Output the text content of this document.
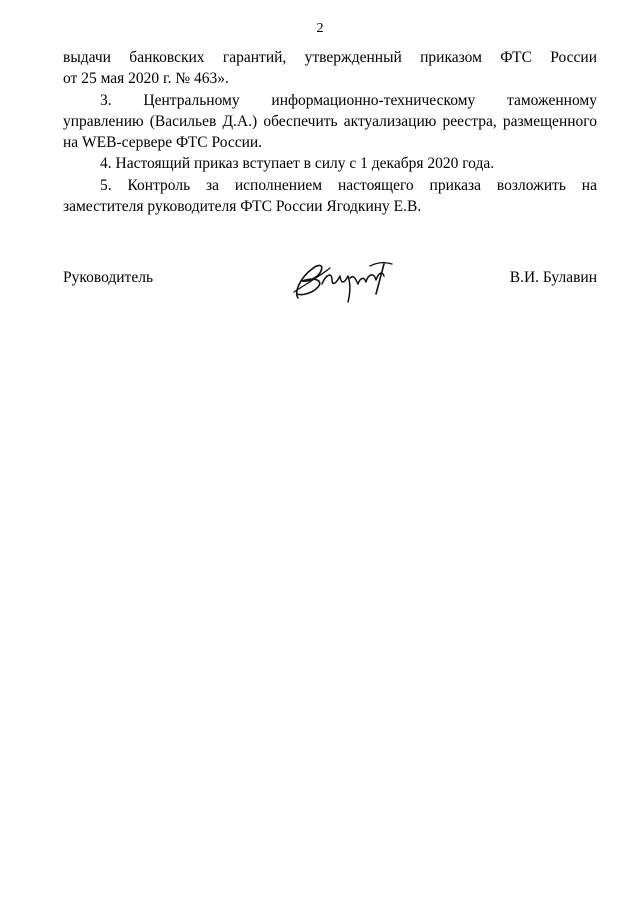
2

выдачи банковских гарантий, утвержденный приказом ФТС России

от 25 мая 2020 г. № 463».

3. Центральному информационно-техническому таможенному управлению (Васильев Д.А.) обеспечить актуализацию реестра, размещенного на WEB-сервере ФТС России.

4. Настоящий приказ вступает в силу с 1 декабря 2020 года.

5. Контроль за исполнением настоящего приказа возложить на заместителя руководителя ФТС России Ягодкину Е.В.

Руководитель	В.И. Булавин
